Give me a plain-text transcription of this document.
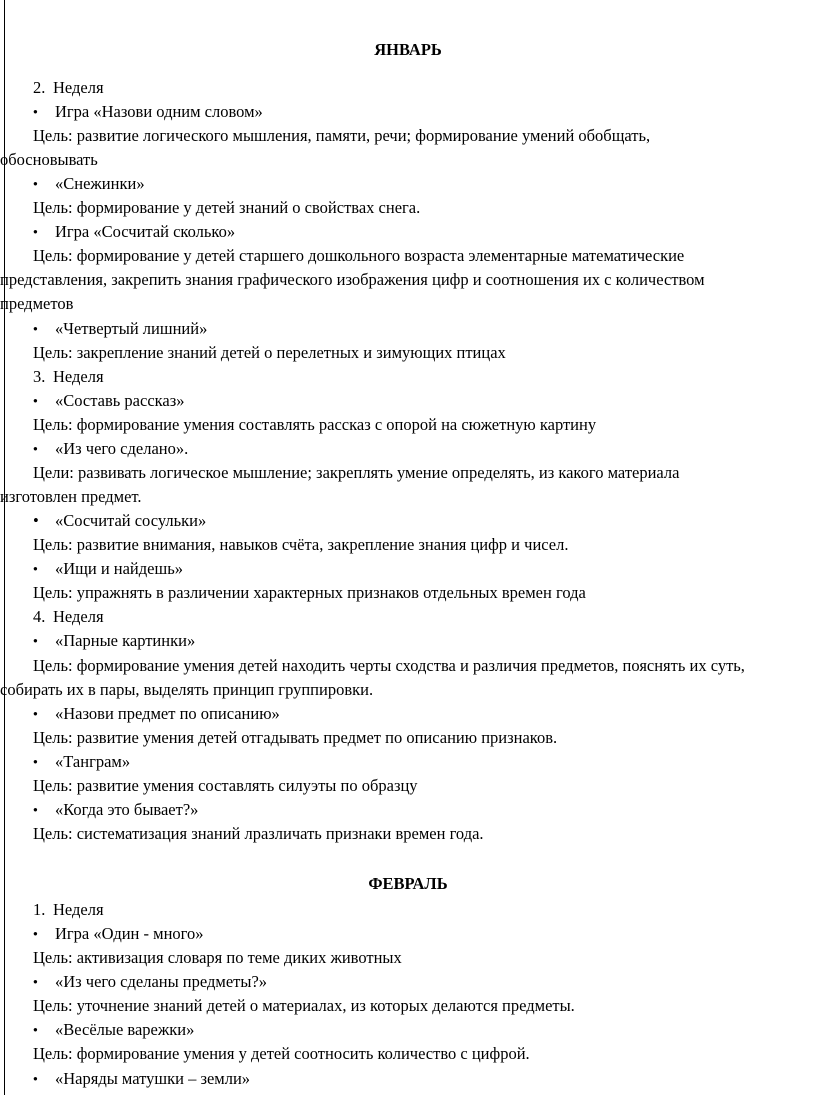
ЯНВАРЬ
2. Неделя
● Игра «Назови одним словом»
Цель: развитие логического мышления, памяти, речи; формирование умений обобщать,
обосновывать
● «Снежинки»
Цель: формирование у детей знаний о свойствах снега.
● Игра «Сосчитай сколько»
Цель: формирование у детей старшего дошкольного возраста элементарные математические
представления, закрепить знания графического изображения цифр и соотношения их с количеством
предметов
● «Четвертый лишний»
Цель: закрепление знаний детей о перелетных и зимующих птицах
3. Неделя
● «Составь рассказ»
Цель: формирование умения составлять рассказ с опорой на сюжетную картину
● «Из чего сделано».
Цели: развивать логическое мышление; закреплять умение определять, из какого материала
изготовлен предмет.
• «Сосчитай сосульки»
Цель: развитие внимания, навыков счёта, закрепление знания цифр и чисел.
● «Ищи и найдешь»
Цель: упражнять в различении характерных признаков отдельных времен года
4. Неделя
● «Парные картинки»
Цель: формирование умения детей находить черты сходства и различия предметов, пояснять их суть,
собирать их в пары, выделять принцип группировки.
● «Назови предмет по описанию»
Цель: развитие умения детей отгадывать предмет по описанию признаков.
● «Танграм»
Цель: развитие умения составлять силуэты по образцу
● «Когда это бывает?»
Цель: систематизация знаний лразличать признаки времен года.
ФЕВРАЛЬ
1. Неделя
● Игра «Один - много»
Цель: активизация словаря по теме диких животных
● «Из чего сделаны предметы?»
Цель: уточнение знаний детей о материалах, из которых делаются предметы.
● «Весёлые варежки»
Цель: формирование умения у детей соотносить количество с цифрой.
● «Наряды матушки – земли»
